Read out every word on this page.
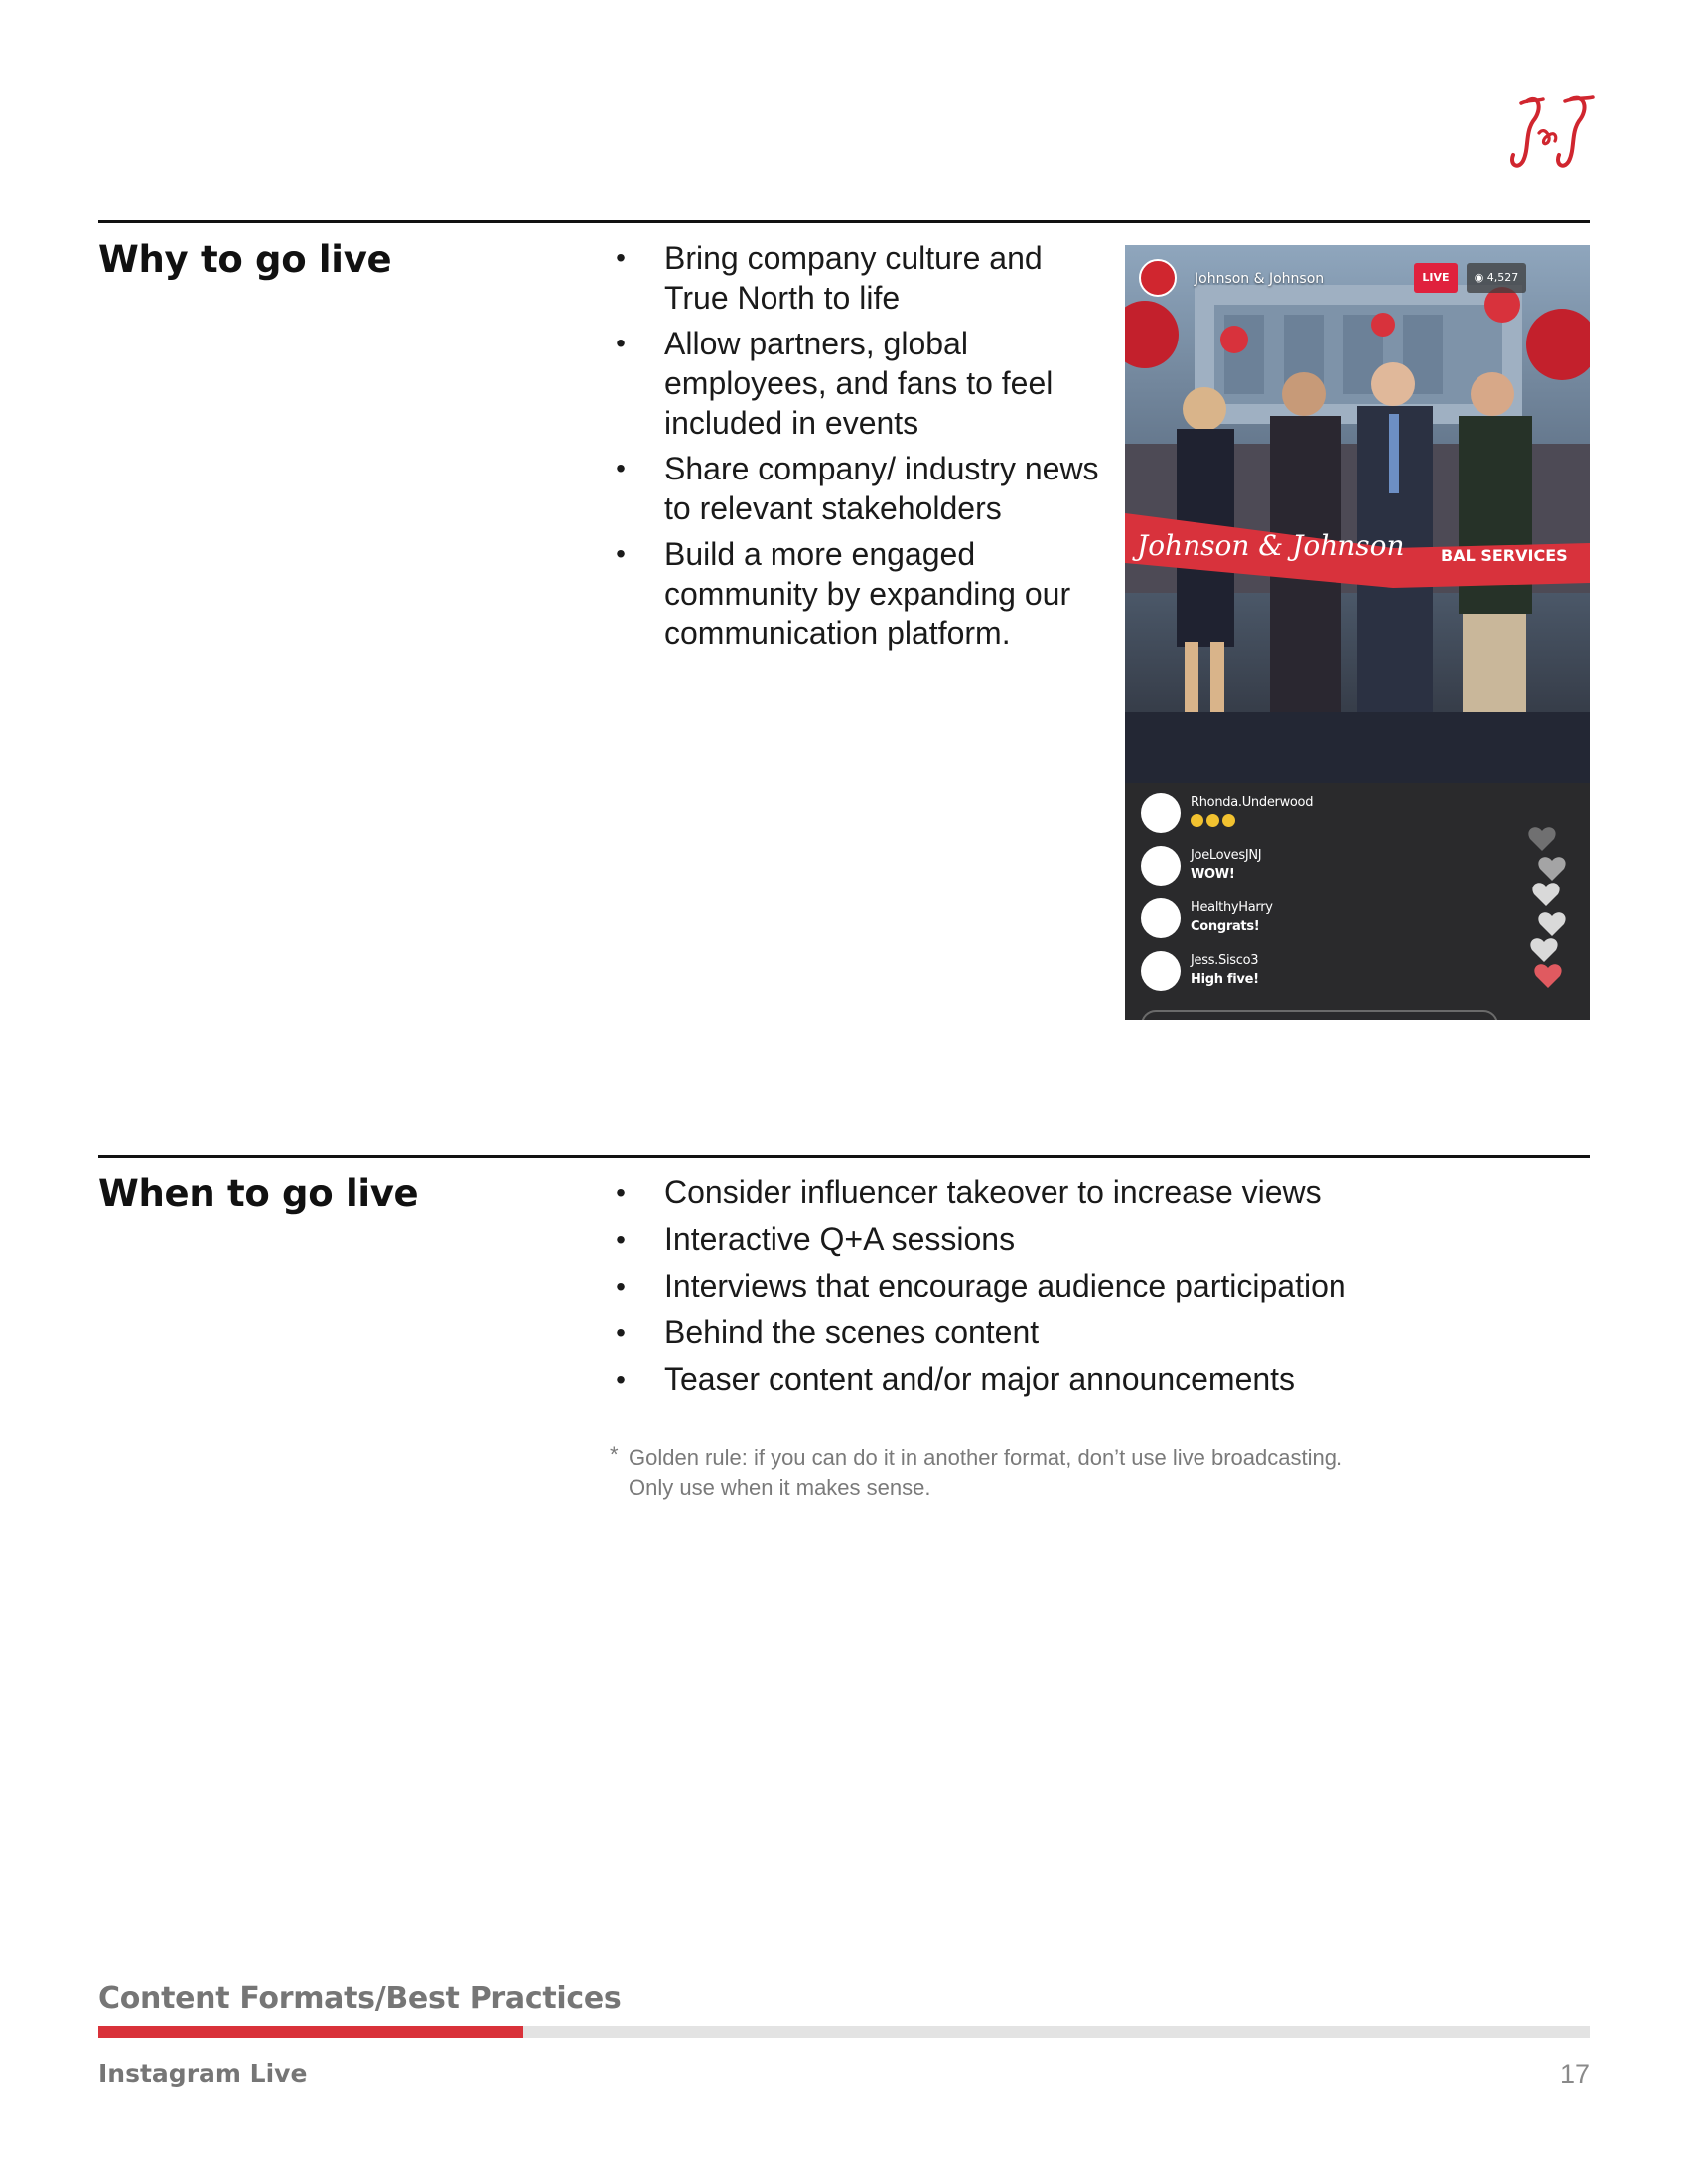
Why to go live	• Bring company culture and True North to life
• Allow partners, global employees, and fans to feel included in events
• Share company/ industry news to relevant stakeholders
• Build a more engaged community by expanding our communication platform.
Johnson & Johnson BAL SERVICES
Johnson & Johnson	LIVE	◉ 4,527
Rhonda.Underwood
JoeLovesJNJ
WOW!
HealthyHarry
Congrats!
Jess.Sisco3
High five!
When to go live	• Consider influencer takeover to increase views
• Interactive Q+A sessions
• Interviews that encourage audience participation
• Behind the scenes content
• Teaser content and/or major announcements
* Golden rule: if you can do it in another format, don’t use live broadcasting.
Only use when it makes sense.
Content Formats/Best Practices
Instagram Live	17
